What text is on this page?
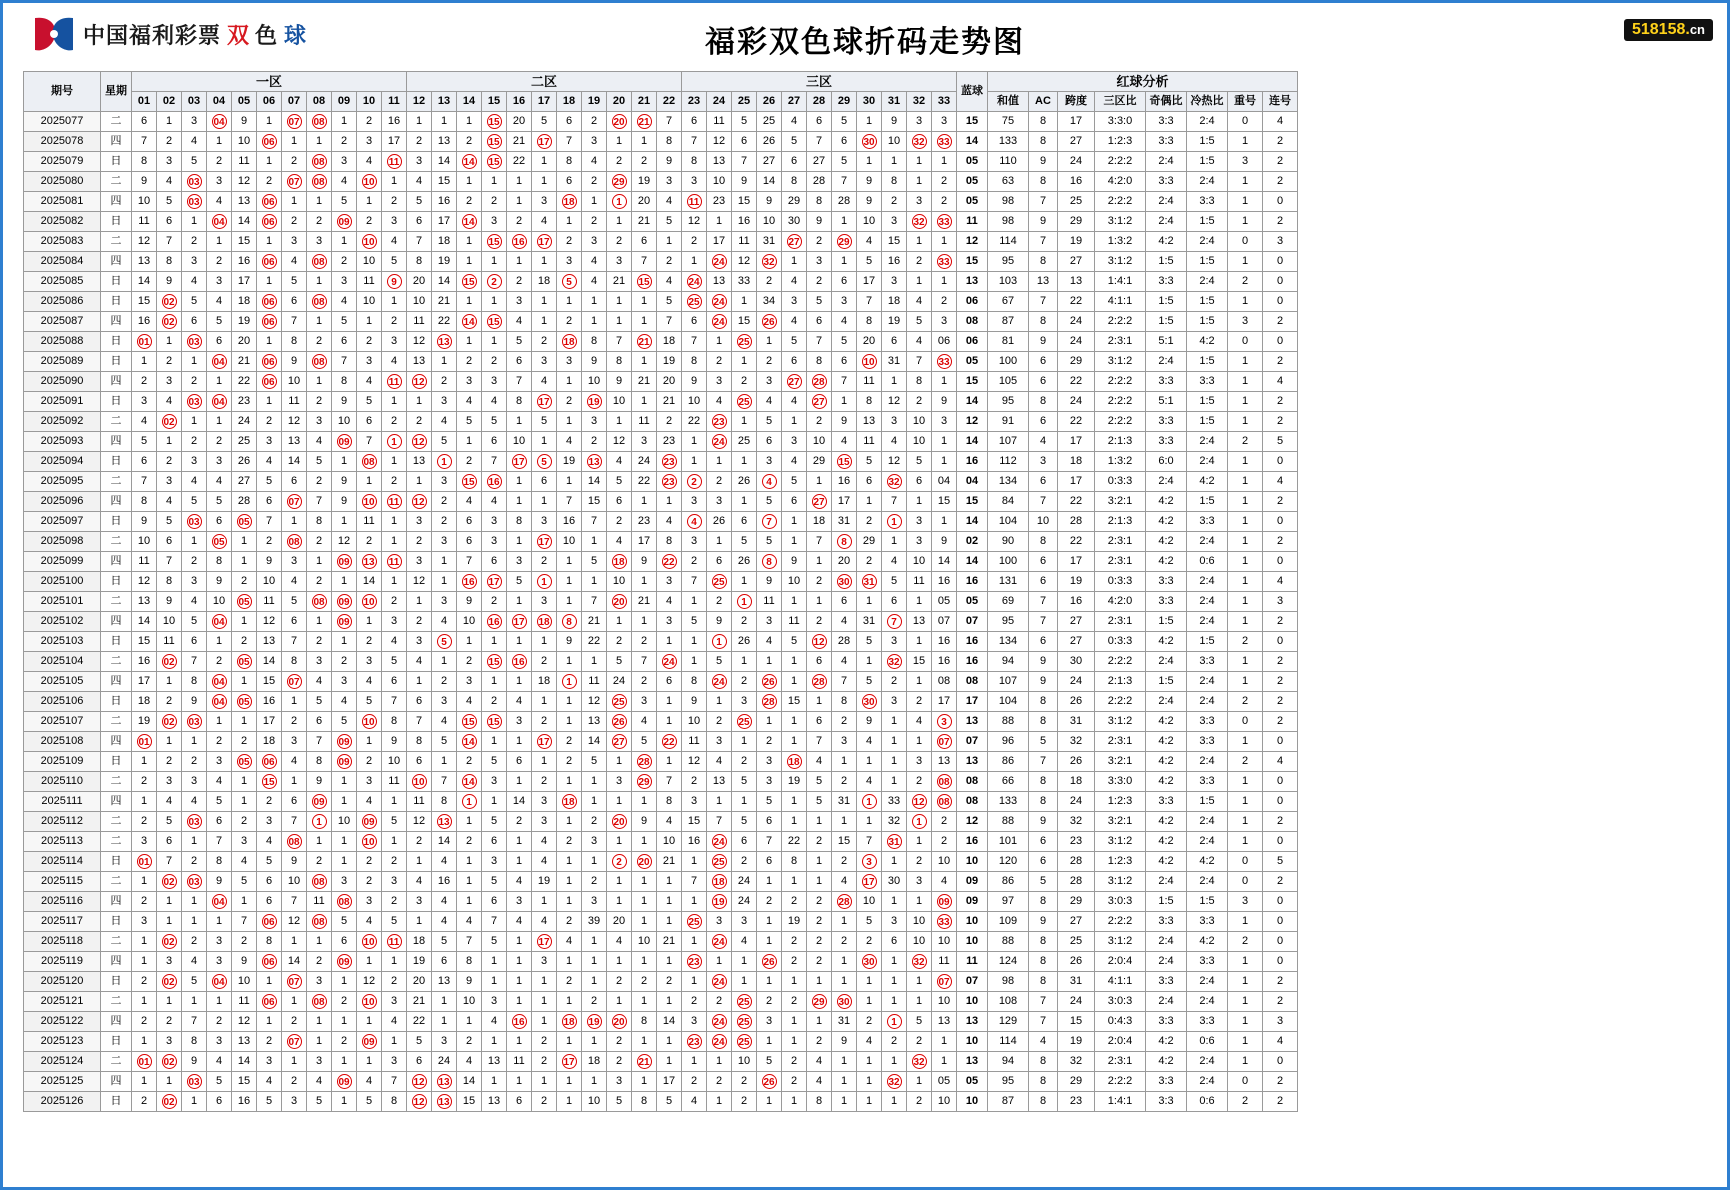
中国福利彩票 双 色 球	福彩双色球折码走势图	518158.cn
期号	星期	一区											二区											三区											蓝球	红球分析							
		01	02	03	04	05	06	07	08	09	10	11	12	13	14	15	16	17	18	19	20	21	22	23	24	25	26	27	28	29	30	31	32	33		和值	AC	跨度	三区比	奇偶比	冷热比	重号	连号
2025077	二	6	1	3	04	9	1	07	08	1	2	16	1	1	1	15	20	5	6	2	20	21	7	6	11	5	25	4	6	5	1	9	3	3	15	75	8	17	3:3:0	3:3	2:4	0	4
2025078	四	7	2	4	1	10	06	1	1	2	3	17	2	13	2	15	21	17	7	3	1	1	8	7	12	6	26	5	7	6	30	10	32	33	14	133	8	27	1:2:3	3:3	1:5	1	2
2025079	日	8	3	5	2	11	1	2	08	3	4	11	3	14	14	15	22	1	8	4	2	2	9	8	13	7	27	6	27	5	1	1	1	1	05	110	9	24	2:2:2	2:4	1:5	3	2
2025080	二	9	4	03	3	12	2	07	08	4	10	1	4	15	1	1	1	1	6	2	29	19	3	3	10	9	14	8	28	7	9	8	1	2	05	63	8	16	4:2:0	3:3	2:4	1	2
2025081	四	10	5	03	4	13	06	1	1	5	1	2	5	16	2	2	1	3	18	1	1	20	4	11	23	15	9	29	8	28	9	2	3	2	05	98	7	25	2:2:2	2:4	3:3	1	0
2025082	日	11	6	1	04	14	06	2	2	09	2	3	6	17	14	3	2	4	1	2	1	21	5	12	1	16	10	30	9	1	10	3	32	33	11	98	9	29	3:1:2	2:4	1:5	1	2
2025083	二	12	7	2	1	15	1	3	3	1	10	4	7	18	1	15	16	17	2	3	2	6	1	2	17	11	31	27	2	29	4	15	1	1	12	114	7	19	1:3:2	4:2	2:4	0	3
2025084	四	13	8	3	2	16	06	4	08	2	10	5	8	19	1	1	1	1	3	4	3	7	2	1	24	12	32	1	3	1	5	16	2	33	15	95	8	27	3:1:2	1:5	1:5	1	0
2025085	日	14	9	4	3	17	1	5	1	3	11	9	20	14	15	2	2	18	5	4	21	15	4	24	13	33	2	4	2	6	17	3	1	1	13	103	13	13	1:4:1	3:3	2:4	2	0
2025086	日	15	02	5	4	18	06	6	08	4	10	1	10	21	1	1	3	1	1	1	1	1	5	25	24	1	34	3	5	3	7	18	4	2	06	67	7	22	4:1:1	1:5	1:5	1	0
2025087	四	16	02	6	5	19	06	7	1	5	1	2	11	22	14	15	4	1	2	1	1	1	7	6	24	15	26	4	6	4	8	19	5	3	08	87	8	24	2:2:2	1:5	1:5	3	2
2025088	日	01	1	03	6	20	1	8	2	6	2	3	12	13	1	1	5	2	18	8	7	21	18	7	1	25	1	5	7	5	20	6	4	06	06	81	9	24	2:3:1	5:1	4:2	0	0
2025089	日	1	2	1	04	21	06	9	08	7	3	4	13	1	2	2	6	3	3	9	8	1	19	8	2	1	2	6	8	6	10	31	7	33	05	100	6	29	3:1:2	2:4	1:5	1	2
2025090	四	2	3	2	1	22	06	10	1	8	4	11	12	2	3	3	7	4	1	10	9	21	20	9	3	2	3	27	28	7	11	1	8	1	15	105	6	22	2:2:2	3:3	3:3	1	4
2025091	日	3	4	03	04	23	1	11	2	9	5	1	1	3	4	4	8	17	2	19	10	1	21	10	4	25	4	4	27	1	8	12	2	9	14	95	8	24	2:2:2	5:1	1:5	1	2
2025092	二	4	02	1	1	24	2	12	3	10	6	2	2	4	5	5	1	5	1	3	1	11	2	22	23	1	5	1	2	9	13	3	10	3	12	91	6	22	2:2:2	3:3	1:5	1	2
2025093	四	5	1	2	2	25	3	13	4	09	7	1	12	5	1	6	10	1	4	2	12	3	23	1	24	25	6	3	10	4	11	4	10	1	14	107	4	17	2:1:3	3:3	2:4	2	5
2025094	日	6	2	3	3	26	4	14	5	1	08	1	13	1	2	7	17	5	19	13	4	24	23	1	1	1	3	4	29	15	5	12	5	1	16	112	3	18	1:3:2	6:0	2:4	1	0
2025095	二	7	3	4	4	27	5	6	2	9	1	2	1	3	15	16	1	6	1	14	5	22	23	2	2	26	4	5	1	16	6	32	6	04	04	134	6	17	0:3:3	2:4	4:2	1	4
2025096	四	8	4	5	5	28	6	07	7	9	10	11	12	2	4	4	1	1	7	15	6	1	1	3	3	1	5	6	27	17	1	7	1	15	15	84	7	22	3:2:1	4:2	1:5	1	2
2025097	日	9	5	03	6	05	7	1	8	1	11	1	3	2	6	3	8	3	16	7	2	23	4	4	26	6	7	1	18	31	2	1	3	1	14	104	10	28	2:1:3	4:2	3:3	1	0
2025098	二	10	6	1	05	1	2	08	2	12	2	1	2	3	6	3	1	17	10	1	4	17	8	3	1	5	5	1	7	8	29	1	3	9	02	90	8	22	2:3:1	4:2	2:4	1	2
2025099	四	11	7	2	8	1	9	3	1	09	13	11	3	1	7	6	3	2	1	5	18	9	22	2	6	26	8	9	1	20	2	4	10	14	14	100	6	17	2:3:1	4:2	0:6	1	0
2025100	日	12	8	3	9	2	10	4	2	1	14	1	12	1	16	17	5	1	1	1	10	1	3	7	25	1	9	10	2	30	31	5	11	16	16	131	6	19	0:3:3	3:3	2:4	1	4
2025101	二	13	9	4	10	05	11	5	08	09	10	2	1	3	9	2	1	3	1	7	20	21	4	1	2	1	11	1	1	6	1	6	1	05	05	69	7	16	4:2:0	3:3	2:4	1	3
2025102	四	14	10	5	04	1	12	6	1	09	1	3	2	4	10	16	17	18	8	21	1	1	3	5	9	2	3	11	2	4	31	7	13	07	07	95	7	27	2:3:1	1:5	2:4	1	2
2025103	日	15	11	6	1	2	13	7	2	1	2	4	3	5	1	1	1	1	9	22	2	2	1	1	1	26	4	5	12	28	5	3	1	16	16	134	6	27	0:3:3	4:2	1:5	2	0
2025104	二	16	02	7	2	05	14	8	3	2	3	5	4	1	2	15	16	2	1	1	5	7	24	1	5	1	1	1	6	4	1	32	15	16	16	94	9	30	2:2:2	2:4	3:3	1	2
2025105	四	17	1	8	04	1	15	07	4	3	4	6	1	2	3	1	1	18	1	11	24	2	6	8	24	2	26	1	28	7	5	2	1	08	08	107	9	24	2:1:3	1:5	2:4	1	2
2025106	日	18	2	9	04	05	16	1	5	4	5	7	6	3	4	2	4	1	1	12	25	3	1	9	1	3	28	15	1	8	30	3	2	17	17	104	8	26	2:2:2	2:4	2:4	2	2
2025107	二	19	02	03	1	1	17	2	6	5	10	8	7	4	15	15	3	2	1	13	26	4	1	10	2	25	1	1	6	2	9	1	4	3	13	88	8	31	3:1:2	4:2	3:3	0	2
2025108	四	01	1	1	2	2	18	3	7	09	1	9	8	5	14	1	1	17	2	14	27	5	22	11	3	1	2	1	7	3	4	1	1	07	07	96	5	32	2:3:1	4:2	3:3	1	0
2025109	日	1	2	2	3	05	06	4	8	09	2	10	6	1	2	5	6	1	2	5	1	28	1	12	4	2	3	18	4	1	1	1	3	13	13	86	7	26	3:2:1	4:2	2:4	2	4
2025110	二	2	3	3	4	1	15	1	9	1	3	11	10	7	14	3	1	2	1	1	3	29	7	2	13	5	3	19	5	2	4	1	2	08	08	66	8	18	3:3:0	4:2	3:3	1	0
2025111	四	1	4	4	5	1	2	6	09	1	4	1	11	8	1	1	14	3	18	1	1	1	8	3	1	1	5	1	5	31	1	33	12	08	08	133	8	24	1:2:3	3:3	1:5	1	0
2025112	二	2	5	03	6	2	3	7	1	10	09	5	12	13	1	5	2	3	1	2	20	9	4	15	7	5	6	1	1	1	1	32	1	2	12	88	9	32	3:2:1	4:2	2:4	1	2
2025113	二	3	6	1	7	3	4	08	1	1	10	1	2	14	2	6	1	4	2	3	1	1	10	16	24	6	7	22	2	15	7	31	1	2	16	101	6	23	3:1:2	4:2	2:4	1	0
2025114	日	01	7	2	8	4	5	9	2	1	2	2	1	4	1	3	1	4	1	1	2	20	21	1	25	2	6	8	1	2	3	1	2	10	10	120	6	28	1:2:3	4:2	4:2	0	5
2025115	二	1	02	03	9	5	6	10	08	3	2	3	4	16	1	5	4	19	1	2	1	1	1	7	18	24	1	1	1	4	17	30	3	4	09	86	5	28	3:1:2	2:4	2:4	0	2
2025116	四	2	1	1	04	1	6	7	11	08	3	2	3	4	1	6	3	1	1	3	1	1	1	1	19	24	2	2	2	28	10	1	1	09	09	97	8	29	3:0:3	1:5	1:5	3	0
2025117	日	3	1	1	1	7	06	12	08	5	4	5	1	4	4	7	4	4	2	39	20	1	1	25	3	3	1	19	2	1	5	3	10	33	10	109	9	27	2:2:2	3:3	3:3	1	0
2025118	二	1	02	2	3	2	8	1	1	6	10	11	18	5	7	5	1	17	4	1	4	10	21	1	24	4	1	2	2	2	2	6	10	10	10	88	8	25	3:1:2	2:4	4:2	2	0
2025119	四	1	3	4	3	9	06	14	2	09	1	1	19	6	8	1	1	3	1	1	1	1	1	23	1	1	26	2	2	1	30	1	32	11	11	124	8	26	2:0:4	2:4	3:3	1	0
2025120	日	2	02	5	04	10	1	07	3	1	12	2	20	13	9	1	1	1	2	1	2	2	2	1	24	1	1	1	1	1	1	1	1	07	07	98	8	31	4:1:1	3:3	2:4	1	2
2025121	二	1	1	1	1	11	06	1	08	2	10	3	21	1	10	3	1	1	1	2	1	1	1	2	2	25	2	2	29	30	1	1	1	10	10	108	7	24	3:0:3	2:4	2:4	1	2
2025122	四	2	2	7	2	12	1	2	1	1	1	4	22	1	1	4	16	1	18	19	20	8	14	3	24	25	3	1	1	31	2	1	5	13	13	129	7	15	0:4:3	3:3	3:3	1	3
2025123	日	1	3	8	3	13	2	07	1	2	09	1	5	3	2	1	1	2	1	1	2	1	1	23	24	25	1	1	2	9	4	2	2	1	10	114	4	19	2:0:4	4:2	0:6	1	4
2025124	二	01	02	9	4	14	3	1	3	1	1	3	6	24	4	13	11	2	17	18	2	21	1	1	1	10	5	2	4	1	1	1	32	1	13	94	8	32	2:3:1	4:2	2:4	1	0
2025125	四	1	1	03	5	15	4	2	4	09	4	7	12	13	14	1	1	1	1	1	3	1	17	2	2	2	26	2	4	1	1	32	1	05	05	95	8	29	2:2:2	3:3	2:4	0	2
2025126	日	2	02	1	6	16	5	3	5	1	5	8	12	13	15	13	6	2	1	10	5	8	5	4	1	2	1	1	8	1	1	1	2	10	10	87	8	23	1:4:1	3:3	0:6	2	2
